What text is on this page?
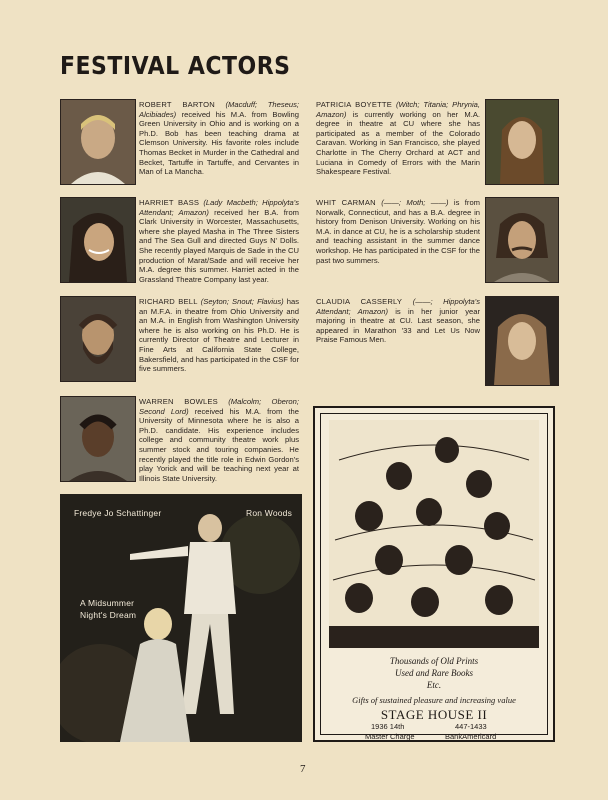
FESTIVAL ACTORS
ROBERT BARTON (Macduff; Theseus; Alcibiades) received his M.A. from Bowling Green University in Ohio and is working on a Ph.D. Bob has been teaching drama at Clemson University. His favorite roles include Thomas Becket in Murder in the Cathedral and Becket, Tartuffe in Tartuffe, and Cervantes in Man of La Mancha.
PATRICIA BOYETTE (Witch; Titania; Phrynia, Amazon) is currently working on her M.A. degree in theatre at CU where she has participated as a member of the Colorado Caravan. Working in San Francisco, she played Charlotte in The Cherry Orchard at ACT and Luciana in Comedy of Errors with the Marin Shakespeare Festival.
HARRIET BASS (Lady Macbeth; Hippolyta's Attendant; Amazon) received her B.A. from Clark University in Worcester, Massachusetts, where she played Masha in The Three Sisters and The Sea Gull and directed Guys N' Dolls. She recently played Marquis de Sade in the CU production of Marat/Sade and will receive her M.A. degree this summer. Harriet acted in the Grassland Theatre Company last year.
WHIT CARMAN (——; Moth; ——) is from Norwalk, Connecticut, and has a B.A. degree in history from Denison University. Working on his M.A. in dance at CU, he is a scholarship student and teaching assistant in the summer dance workshop. He has participated in the CSF for the past two summers.
RICHARD BELL (Seyton; Snout; Flavius) has an M.F.A. in theatre from Ohio University and an M.A. in English from Washington University where he is also working on his Ph.D. He is currently Director of Theatre and Lecturer in Fine Arts at California State College, Bakersfield, and has participated in the CSF for five summers.
CLAUDIA CASSERLY (——; Hippolyta's Attendant; Amazon) is in her junior year majoring in theatre at CU. Last season, she appeared in Marathon '33 and Let Us Now Praise Famous Men.
WARREN BOWLES (Malcolm; Oberon; Second Lord) received his M.A. from the University of Minnesota where he is also a Ph.D. candidate. His experience includes college and community theatre work plus summer stock and touring companies. He recently played the title role in Edwin Gordon's play Yorick and will be teaching next year at Illinois State University.
Fredye Jo Schattinger	Ron Woods
A Midsummer
Night's Dream
Thousands of Old Prints
Used and Rare Books
Etc.
Gifts of sustained pleasure and increasing value
STAGE HOUSE II
1936 14th	447-1433
Master Charge	BankAmericard
7
